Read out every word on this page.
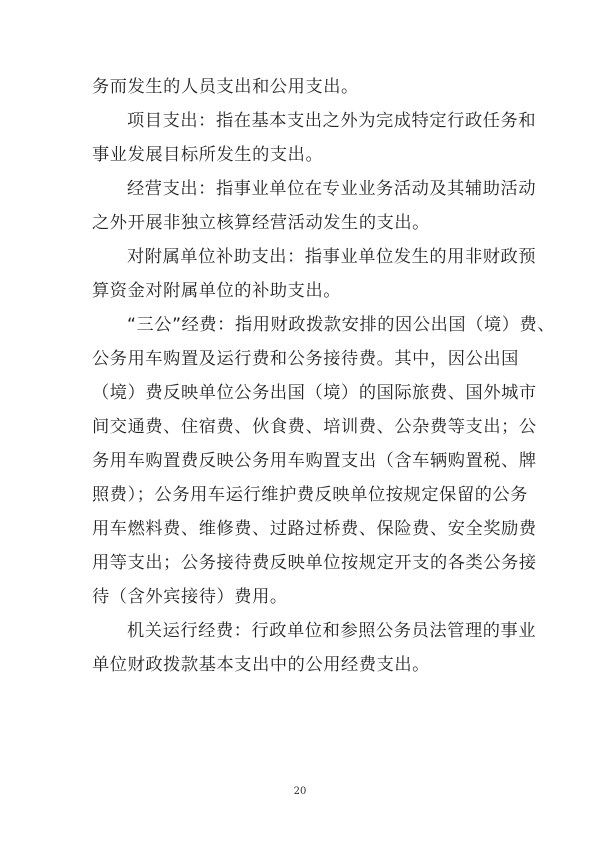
务而发生的人员支出和公用支出。
项目支出：指在基本支出之外为完成特定行政任务和
事业发展目标所发生的支出。
经营支出：指事业单位在专业业务活动及其辅助活动
之外开展非独立核算经营活动发生的支出。
对附属单位补助支出：指事业单位发生的用非财政预
算资金对附属单位的补助支出。
“三公”经费：指用财政拨款安排的因公出国（境）费、
公务用车购置及运行费和公务接待费。其中，因公出国
（境）费反映单位公务出国（境）的国际旅费、国外城市
间交通费、住宿费、伙食费、培训费、公杂费等支出；公
务用车购置费反映公务用车购置支出（含车辆购置税、牌
照费）；公务用车运行维护费反映单位按规定保留的公务
用车燃料费、维修费、过路过桥费、保险费、安全奖励费
用等支出；公务接待费反映单位按规定开支的各类公务接
待（含外宾接待）费用。
机关运行经费：行政单位和参照公务员法管理的事业
单位财政拨款基本支出中的公用经费支出。
20
